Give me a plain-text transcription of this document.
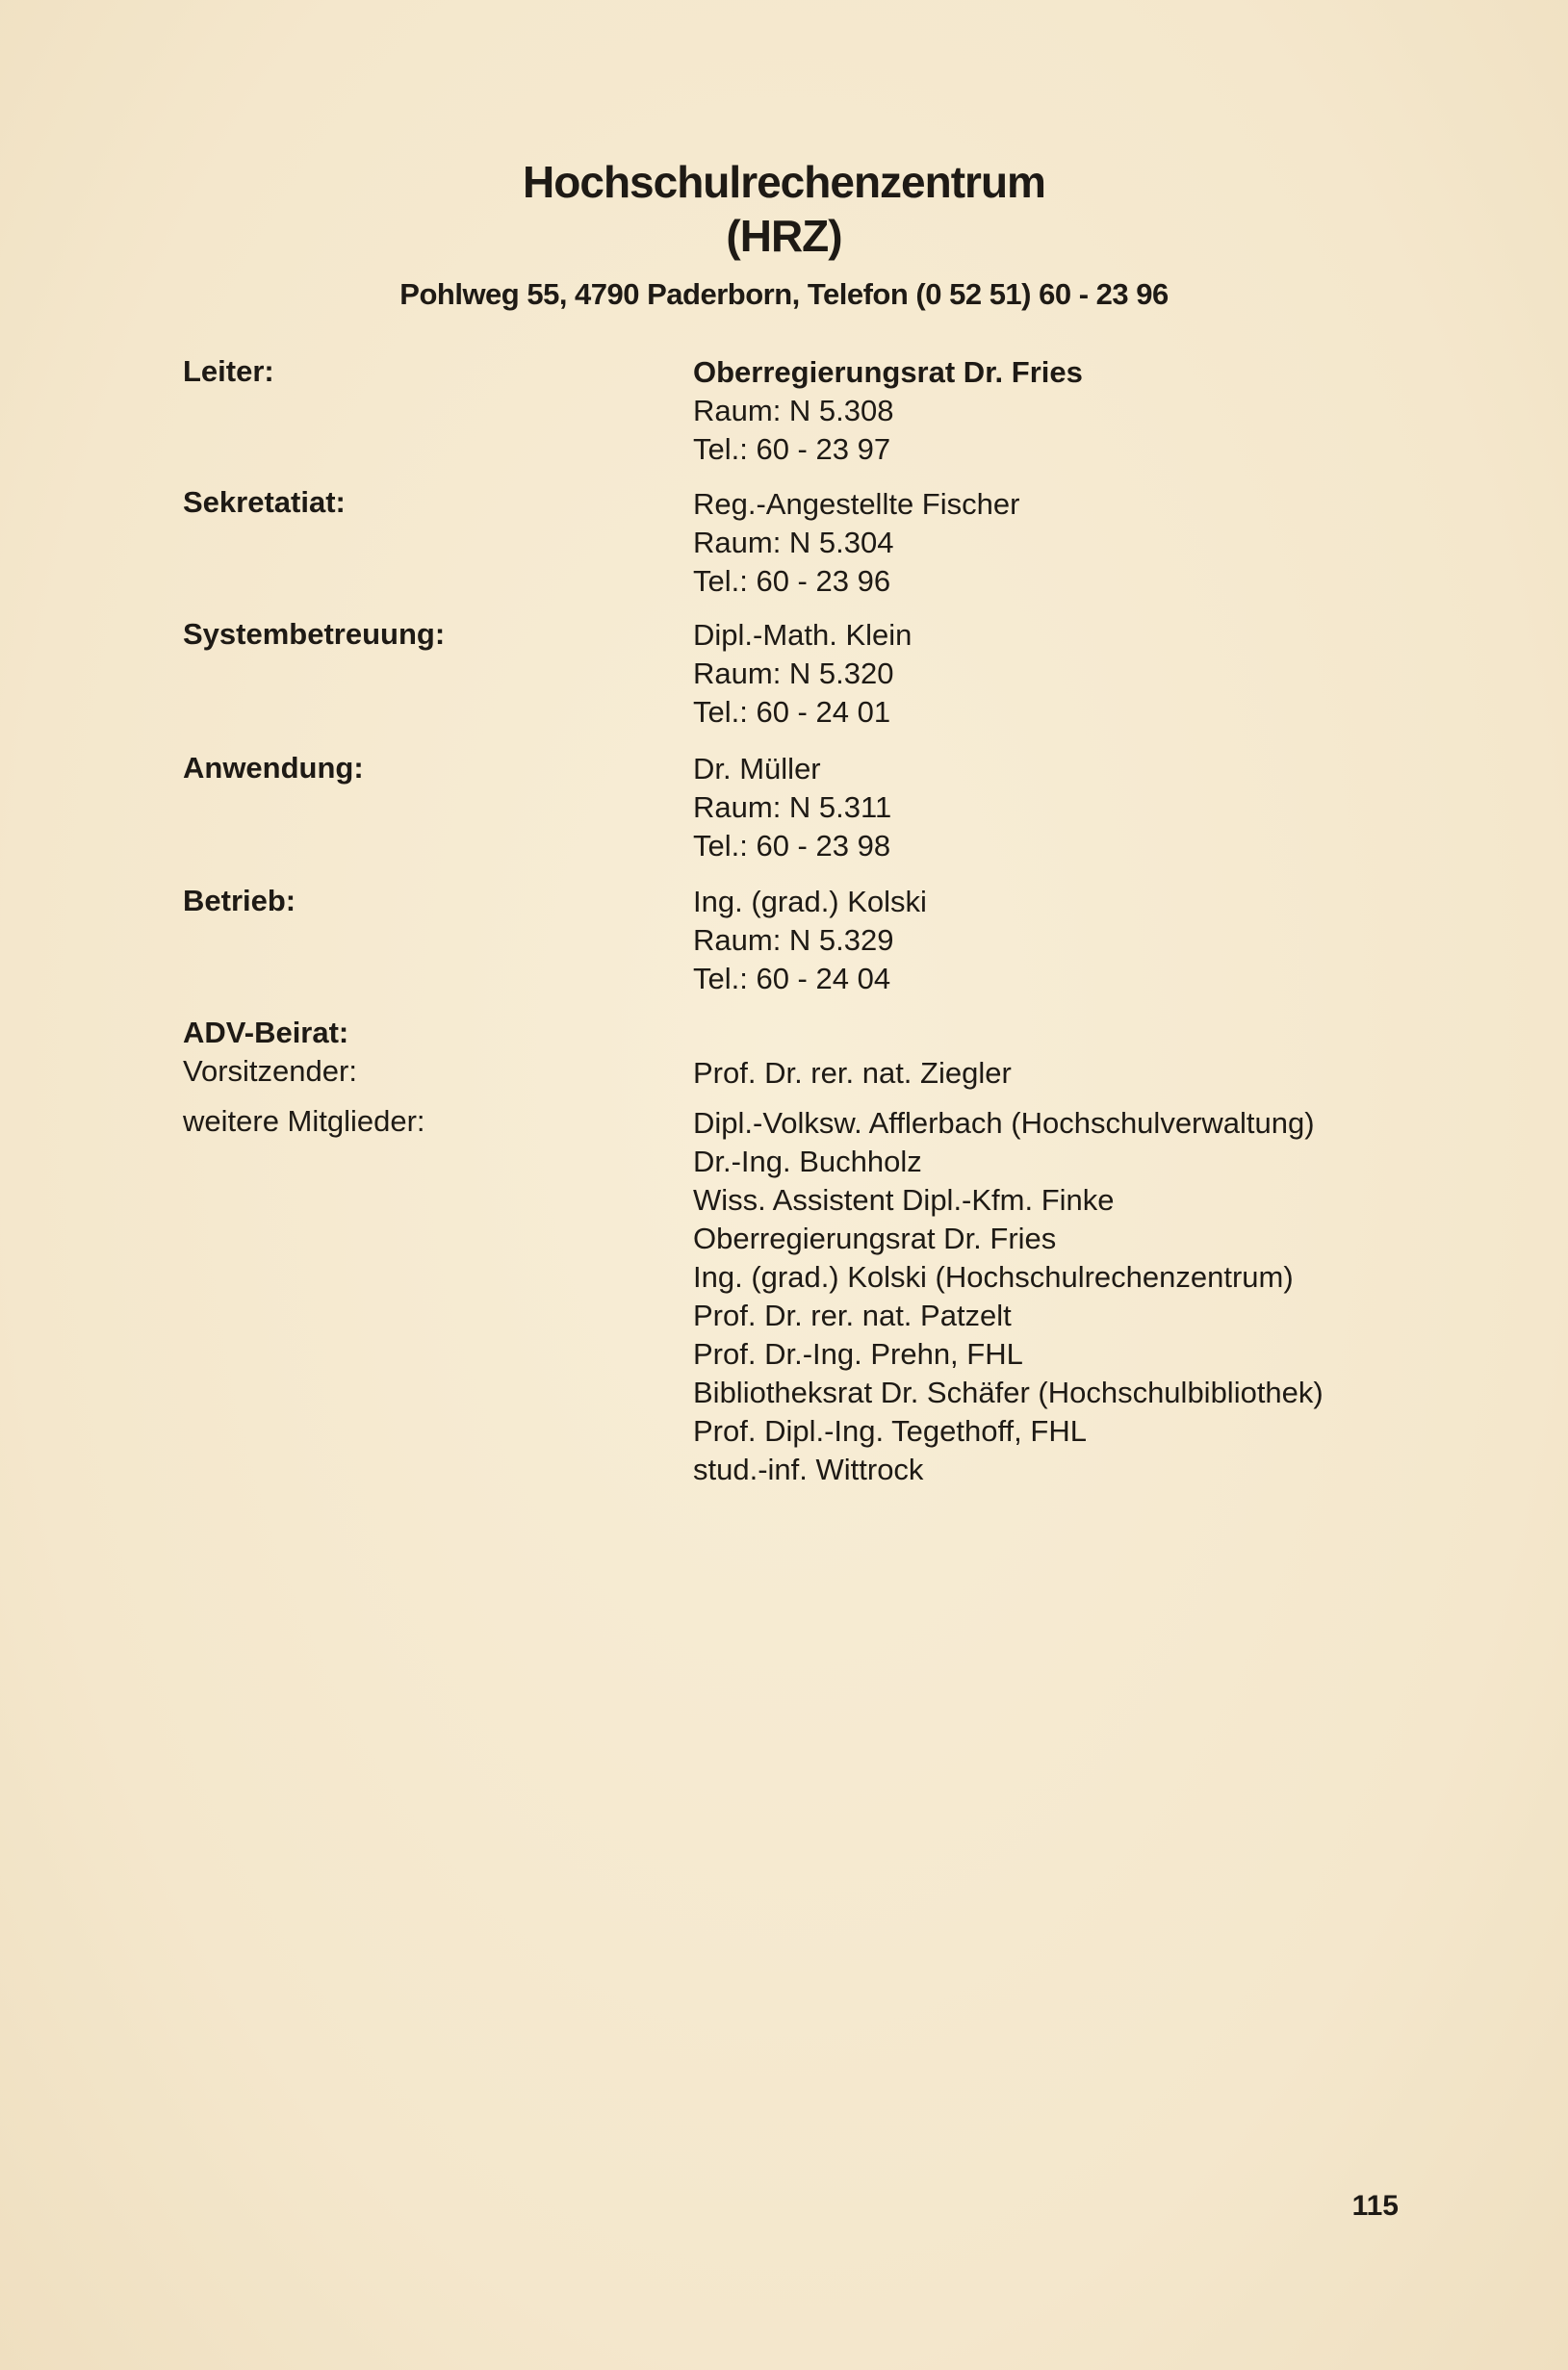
Hochschulrechenzentrum
(HRZ)
Pohlweg 55, 4790 Paderborn, Telefon (0 52 51) 60 - 23 96
Leiter:	Oberregierungsrat Dr. Fries
Raum: N 5.308
Tel.: 60 - 23 97
Sekretatiat:	Reg.-Angestellte Fischer
Raum: N 5.304
Tel.: 60 - 23 96
Systembetreuung:	Dipl.-Math. Klein
Raum: N 5.320
Tel.: 60 - 24 01
Anwendung:	Dr. Müller
Raum: N 5.311
Tel.: 60 - 23 98
Betrieb:	Ing. (grad.) Kolski
Raum: N 5.329
Tel.: 60 - 24 04
ADV-Beirat:
Vorsitzender:	Prof. Dr. rer. nat. Ziegler
weitere Mitglieder:	Dipl.-Volksw. Afflerbach (Hochschulverwaltung)
Dr.-Ing. Buchholz
Wiss. Assistent Dipl.-Kfm. Finke
Oberregierungsrat Dr. Fries
Ing. (grad.) Kolski (Hochschulrechenzentrum)
Prof. Dr. rer. nat. Patzelt
Prof. Dr.-Ing. Prehn, FHL
Bibliotheksrat Dr. Schäfer (Hochschulbibliothek)
Prof. Dipl.-Ing. Tegethoff, FHL
stud.-inf. Wittrock
115
